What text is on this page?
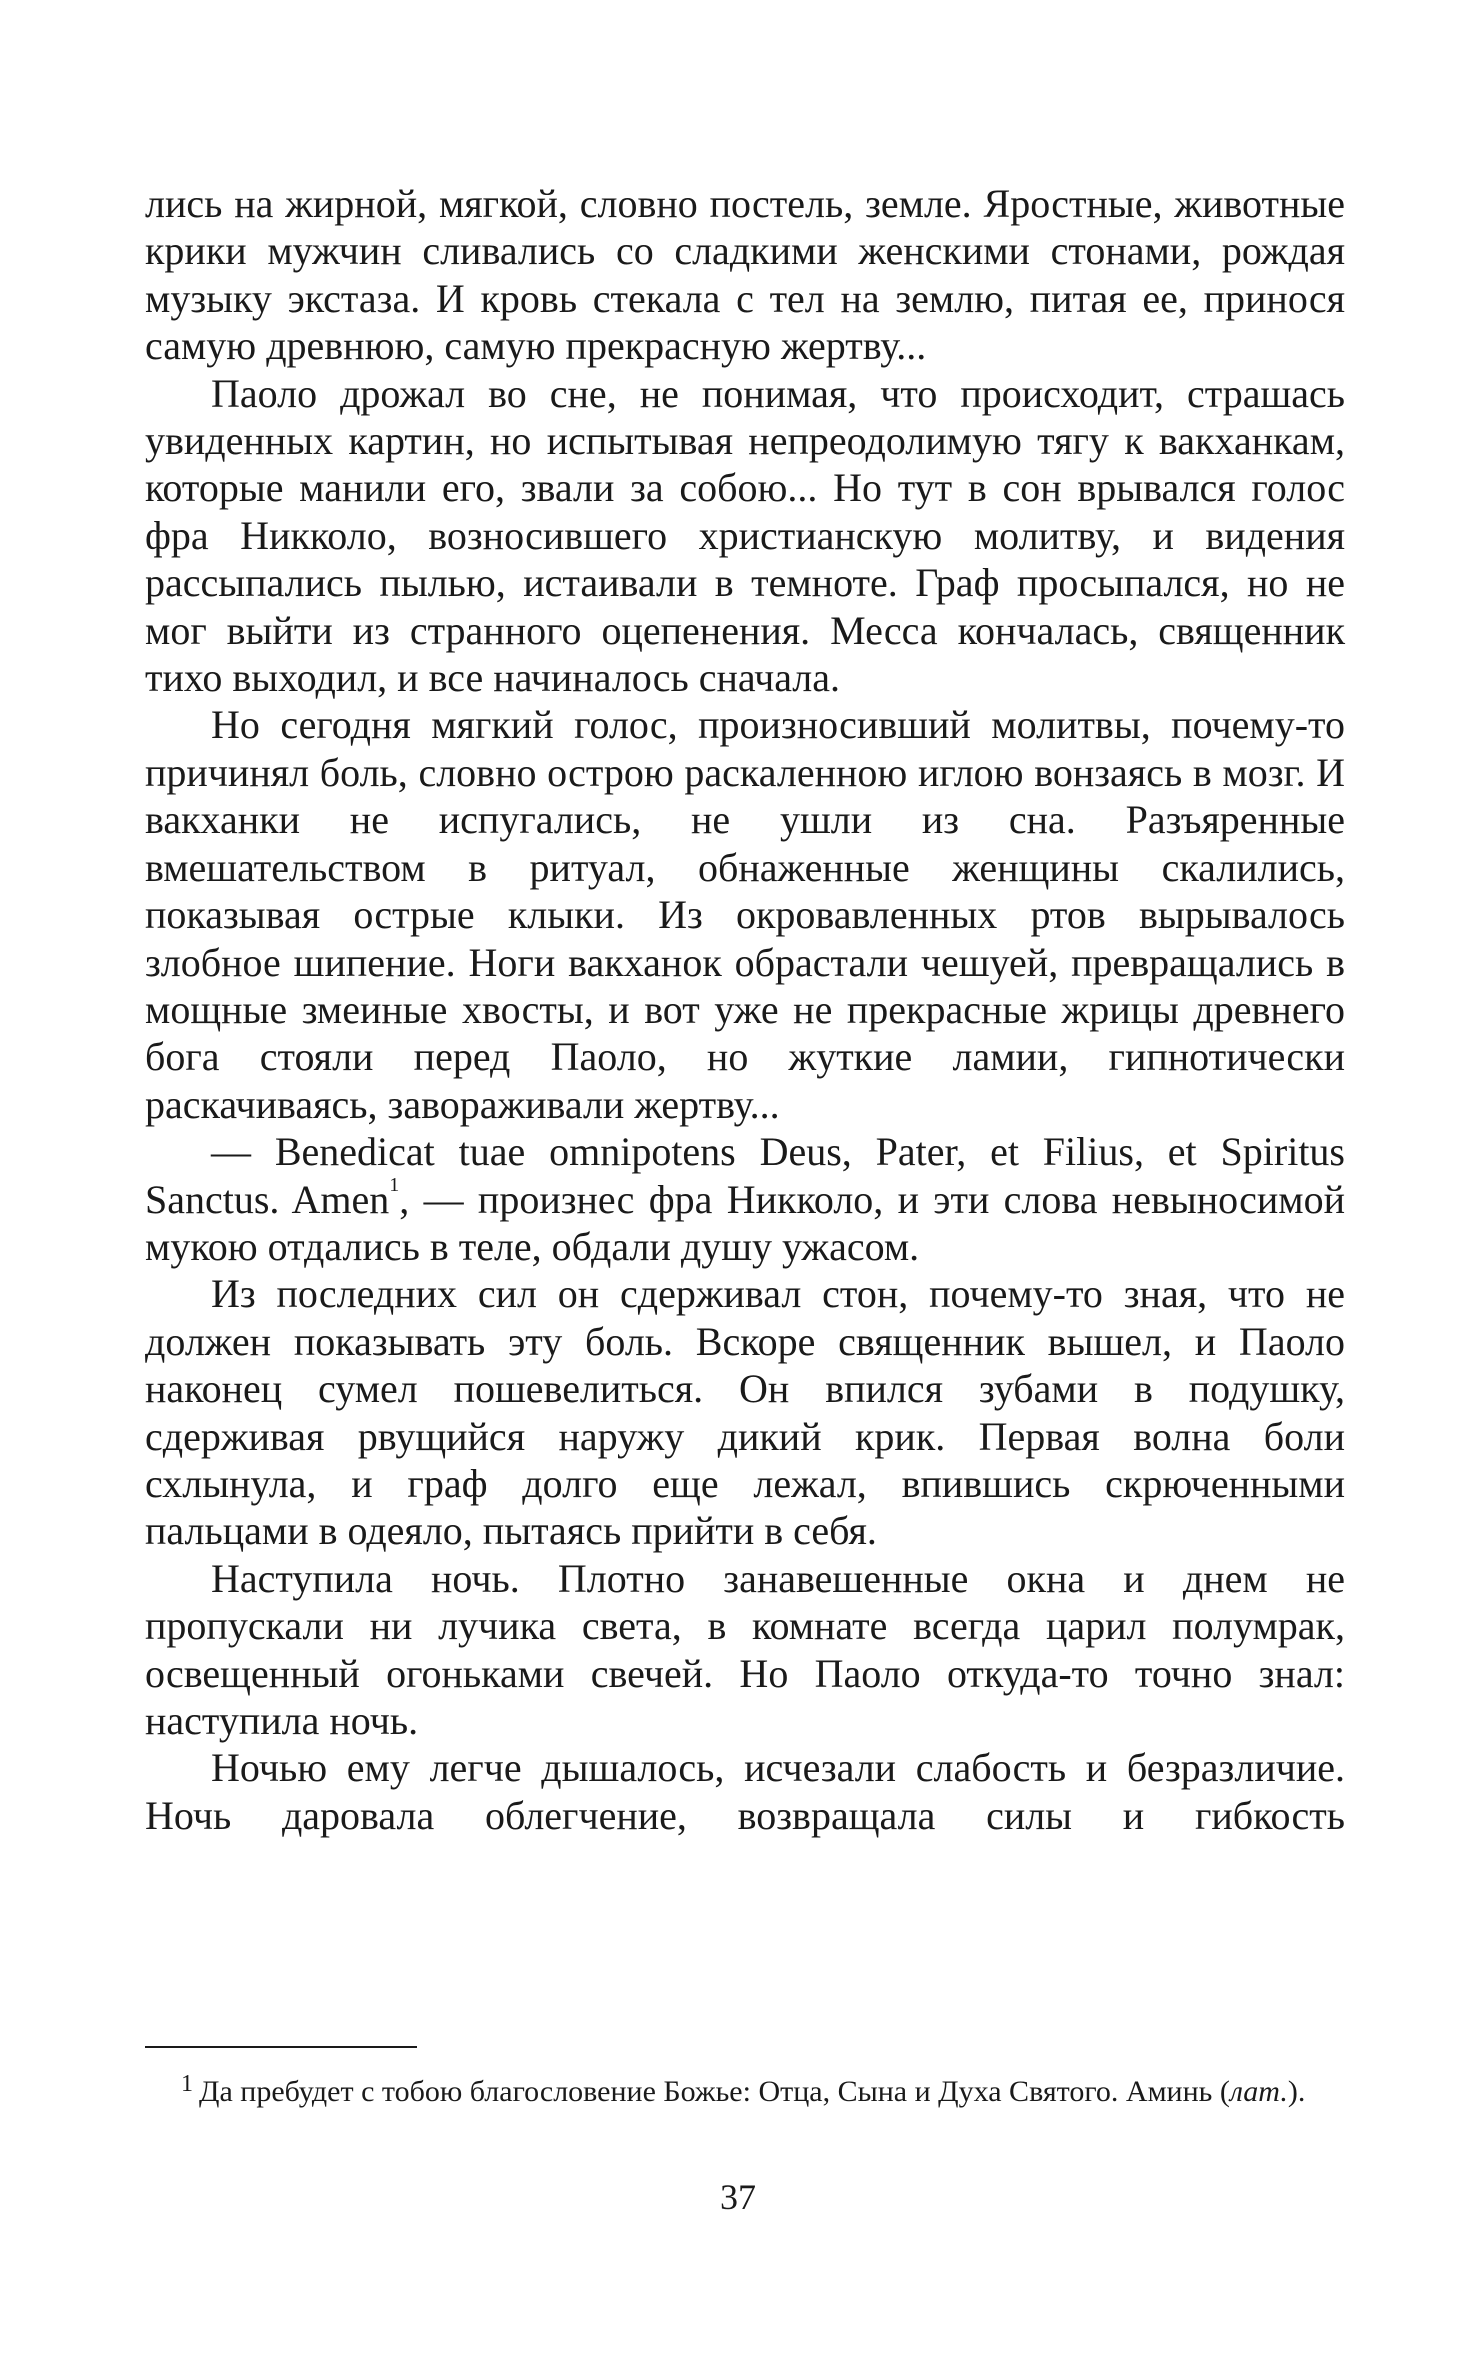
лись на жирной, мягкой, словно постель, земле. Яростные, животные крики мужчин сливались со сладкими женскими стонами, рождая музыку экстаза. И кровь стекала с тел на землю, питая ее, принося самую древнюю, самую прекрасную жертву...

Паоло дрожал во сне, не понимая, что происходит, страшась увиденных картин, но испытывая непреодолимую тягу к вакханкам, которые манили его, звали за собою... Но тут в сон врывался голос фра Никколо, возносившего христианскую молитву, и видения рассыпались пылью, истаивали в темноте. Граф просыпался, но не мог выйти из странного оцепенения. Месса кончалась, священник тихо выходил, и все начиналось сначала.

Но сегодня мягкий голос, произносивший молитвы, почему-то причинял боль, словно острою раскаленною иглою вонзаясь в мозг. И вакханки не испугались, не ушли из сна. Разъяренные вмешательством в ритуал, обнаженные женщины скалились, показывая острые клыки. Из окровавленных ртов вырывалось злобное шипение. Ноги вакханок обрастали чешуей, превращались в мощные змеиные хвосты, и вот уже не прекрасные жрицы древнего бога стояли перед Паоло, но жуткие ламии, гипнотически раскачиваясь, завораживали жертву...

— Benedicat tuae omnipotens Deus, Pater, et Filius, et Spiritus Sanctus. Amen$^1$, — произнес фра Никколо, и эти слова невыносимой мукою отдались в теле, обдали душу ужасом.

Из последних сил он сдерживал стон, почему-то зная, что не должен показывать эту боль. Вскоре священник вышел, и Паоло наконец сумел пошевелиться. Он впился зубами в подушку, сдерживая рвущийся наружу дикий крик. Первая волна боли схлынула, и граф долго еще лежал, впившись скрюченными пальцами в одеяло, пытаясь прийти в себя.

Наступила ночь. Плотно занавешенные окна и днем не пропускали ни лучика света, в комнате всегда царил полумрак, освещенный огоньками свечей. Но Паоло откуда-то точно знал: наступила ночь.

Ночью ему легче дышалось, исчезали слабость и безразличие. Ночь даровала облегчение, возвращала силы и гибкость

$^1$ Да пребудет с тобою благословение Божье: Отца, Сына и Духа Святого. Аминь (лат.).

37
